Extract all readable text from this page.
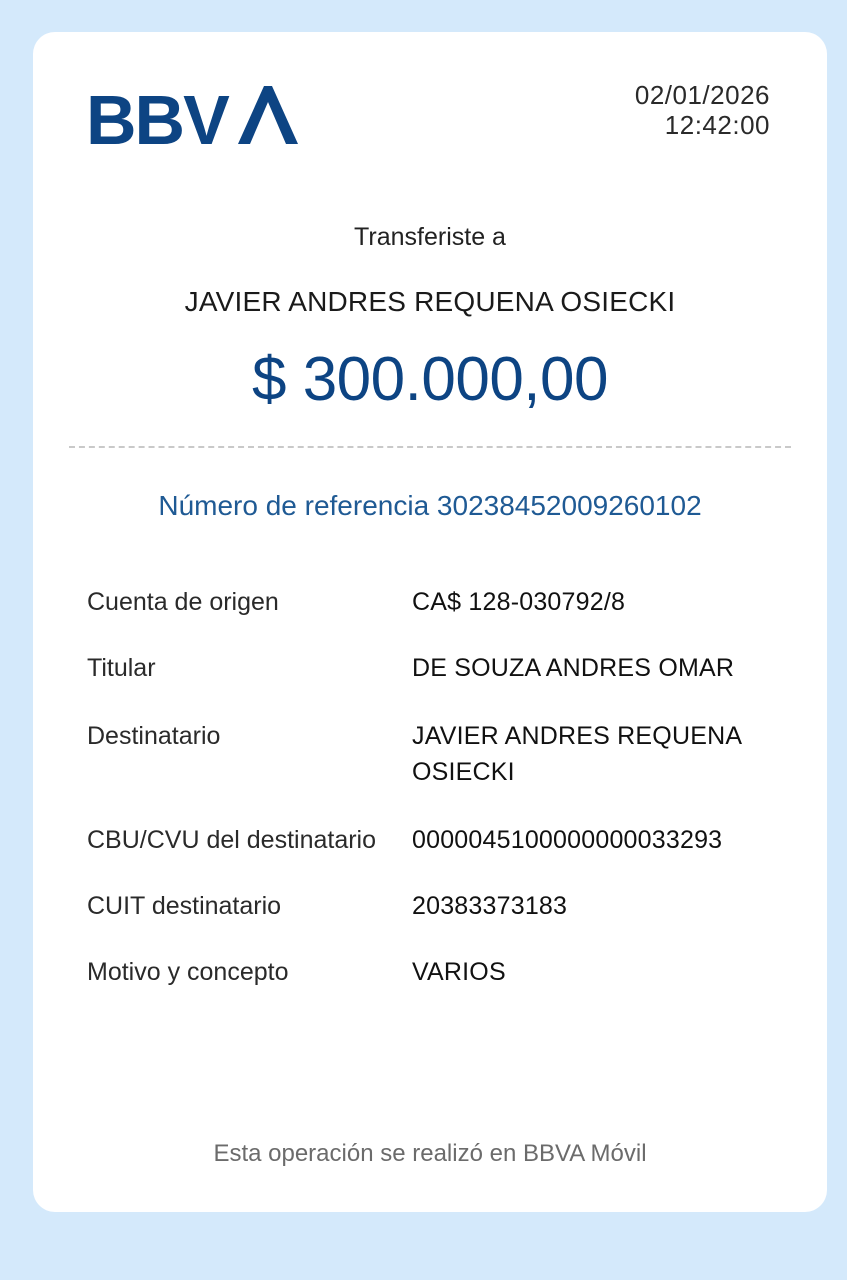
BBV	02/01/2026
12:42:00
Transferiste a
JAVIER ANDRES REQUENA OSIECKI
$ 300.000,00
Número de referencia 30238452009260102
Cuenta de origen	CA$ 128-030792/8
Titular	DE SOUZA ANDRES OMAR
Destinatario	JAVIER ANDRES REQUENA OSIECKI
CBU/CVU del destinatario	0000045100000000033293
CUIT destinatario	20383373183
Motivo y concepto	VARIOS
Esta operación se realizó en BBVA Móvil
